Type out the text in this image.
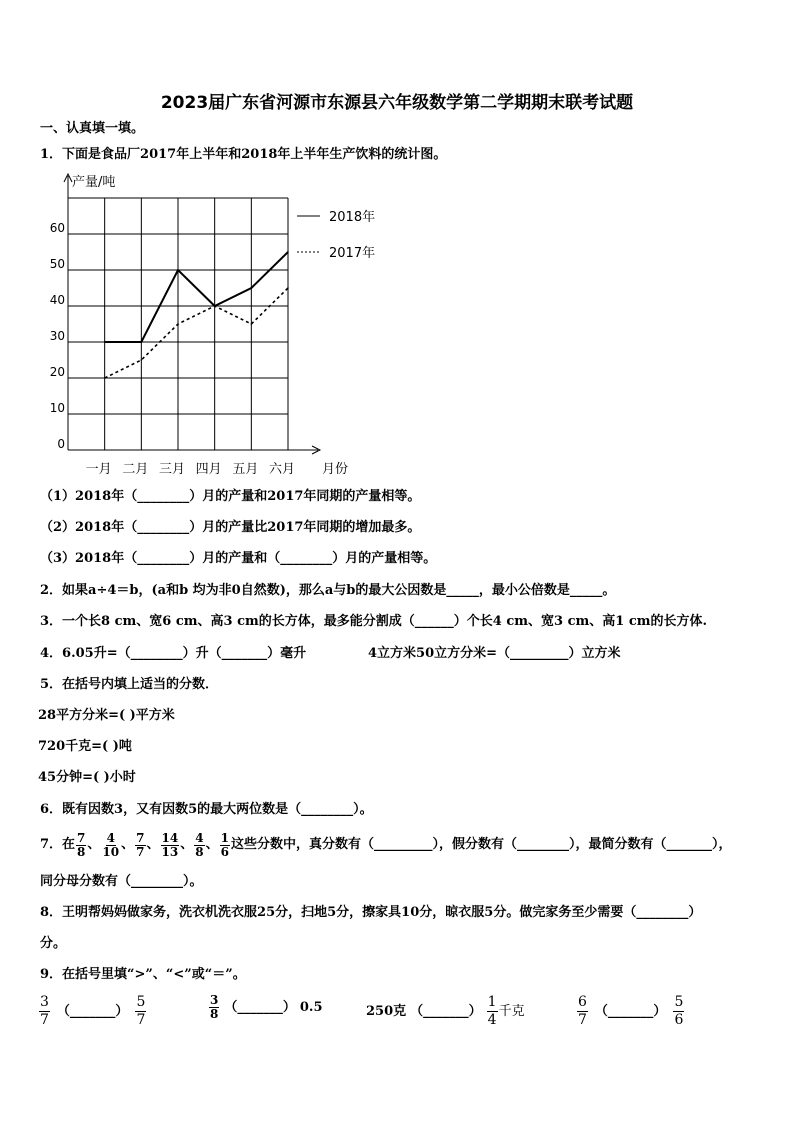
2023届广东省河源市东源县六年级数学第二学期期末联考试题
一、认真填一填。
1．下面是食品厂2017年上半年和2018年上半年生产饮料的统计图。
0
10
20
30
40
50
60
一月 二月 三月 四月 五月 六月
产量/吨
月份
2018年
2017年
（1）2018年（________）月的产量和2017年同期的产量相等。
（2）2018年（________）月的产量比2017年同期的增加最多。
（3）2018年（________）月的产量和（________）月的产量相等。
2．如果a÷4＝b，(a和b 均为非0自然数)，那么a与b的最大公因数是_____，最小公倍数是_____。
3．一个长8 cm、宽6 cm、高3 cm的长方体，最多能分割成（______）个长4 cm、宽3 cm、高1 cm的长方体.
4．6.05升=（________）升（_______）毫升	4立方米50立方分米=（_________）立方米
5．在括号内填上适当的分数．
28平方分米=( )平方米
720千克=( )吨
45分钟=( )小时
6．既有因数3，又有因数5的最大两位数是（________）。
7．在 $\frac{7}{8}$ 、 $\frac{4}{10}$ 、 $\frac{7}{7}$ 、 $\frac{14}{13}$ 、 $\frac{4}{8}$ 、 $\frac{1}{6}$ 这些分数中，真分数有（_________），假分数有（________），最简分数有（_______），
同分母分数有（________）。
8．王明帮妈妈做家务，洗衣机洗衣服25分，扫地5分，擦家具10分，晾衣服5分。做完家务至少需要（________）
分。
9．在括号里填“>”、“<”或“＝”。
$\frac{3}{7}$ （_______） $\frac{5}{7}$	$\frac{3}{8}$ （_______） 0.5	250克 （_______） $\frac{1}{4}$ 千克	$\frac{6}{7}$ （_______） $\frac{5}{6}$
